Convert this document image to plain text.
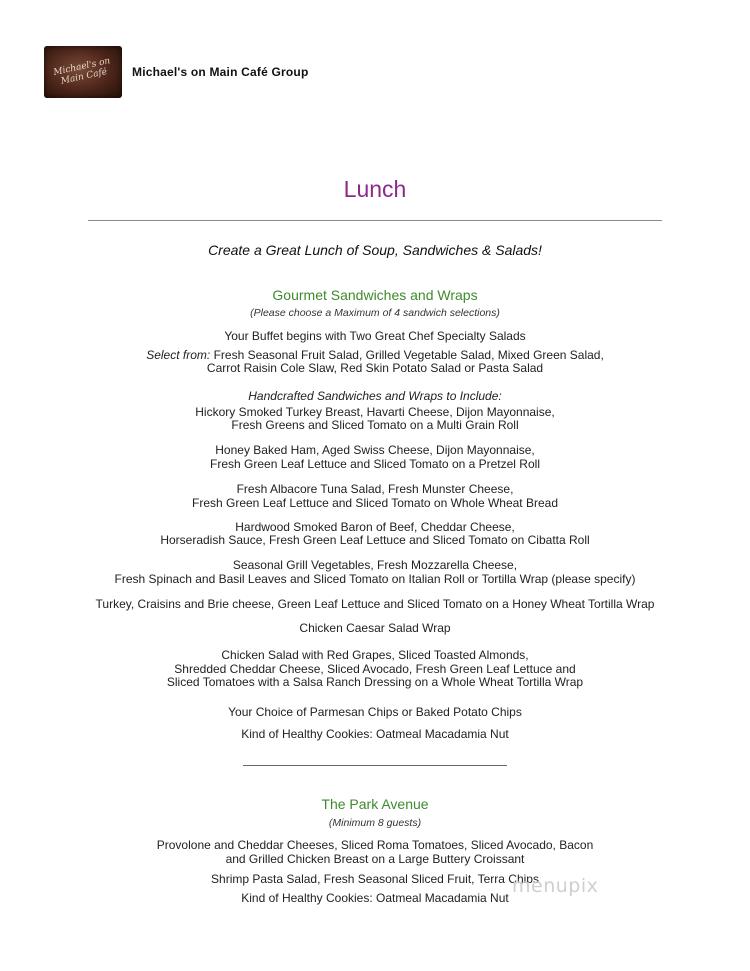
Michael's on Main Café	Michael's on Main Café Group
Lunch
Create a Great Lunch of Soup, Sandwiches & Salads!
Gourmet Sandwiches and Wraps
(Please choose a Maximum of 4 sandwich selections)
Your Buffet begins with Two Great Chef Specialty Salads
Select from: Fresh Seasonal Fruit Salad, Grilled Vegetable Salad, Mixed Green Salad,
Carrot Raisin Cole Slaw, Red Skin Potato Salad or Pasta Salad
Handcrafted Sandwiches and Wraps to Include:
Hickory Smoked Turkey Breast, Havarti Cheese, Dijon Mayonnaise,
Fresh Greens and Sliced Tomato on a Multi Grain Roll
Honey Baked Ham, Aged Swiss Cheese, Dijon Mayonnaise,
Fresh Green Leaf Lettuce and Sliced Tomato on a Pretzel Roll
Fresh Albacore Tuna Salad, Fresh Munster Cheese,
Fresh Green Leaf Lettuce and Sliced Tomato on Whole Wheat Bread
Hardwood Smoked Baron of Beef, Cheddar Cheese,
Horseradish Sauce, Fresh Green Leaf Lettuce and Sliced Tomato on Cibatta Roll
Seasonal Grill Vegetables, Fresh Mozzarella Cheese,
Fresh Spinach and Basil Leaves and Sliced Tomato on Italian Roll or Tortilla Wrap (please specify)
Turkey, Craisins and Brie cheese, Green Leaf Lettuce and Sliced Tomato on a Honey Wheat Tortilla Wrap
Chicken Caesar Salad Wrap
Chicken Salad with Red Grapes, Sliced Toasted Almonds,
Shredded Cheddar Cheese, Sliced Avocado, Fresh Green Leaf Lettuce and
Sliced Tomatoes with a Salsa Ranch Dressing on a Whole Wheat Tortilla Wrap
Your Choice of Parmesan Chips or Baked Potato Chips
Kind of Healthy Cookies: Oatmeal Macadamia Nut
The Park Avenue
(Minimum 8 guests)
Provolone and Cheddar Cheeses, Sliced Roma Tomatoes, Sliced Avocado, Bacon
and Grilled Chicken Breast on a Large Buttery Croissant
Shrimp Pasta Salad, Fresh Seasonal Sliced Fruit, Terra Chips
Kind of Healthy Cookies: Oatmeal Macadamia Nut
menupix
